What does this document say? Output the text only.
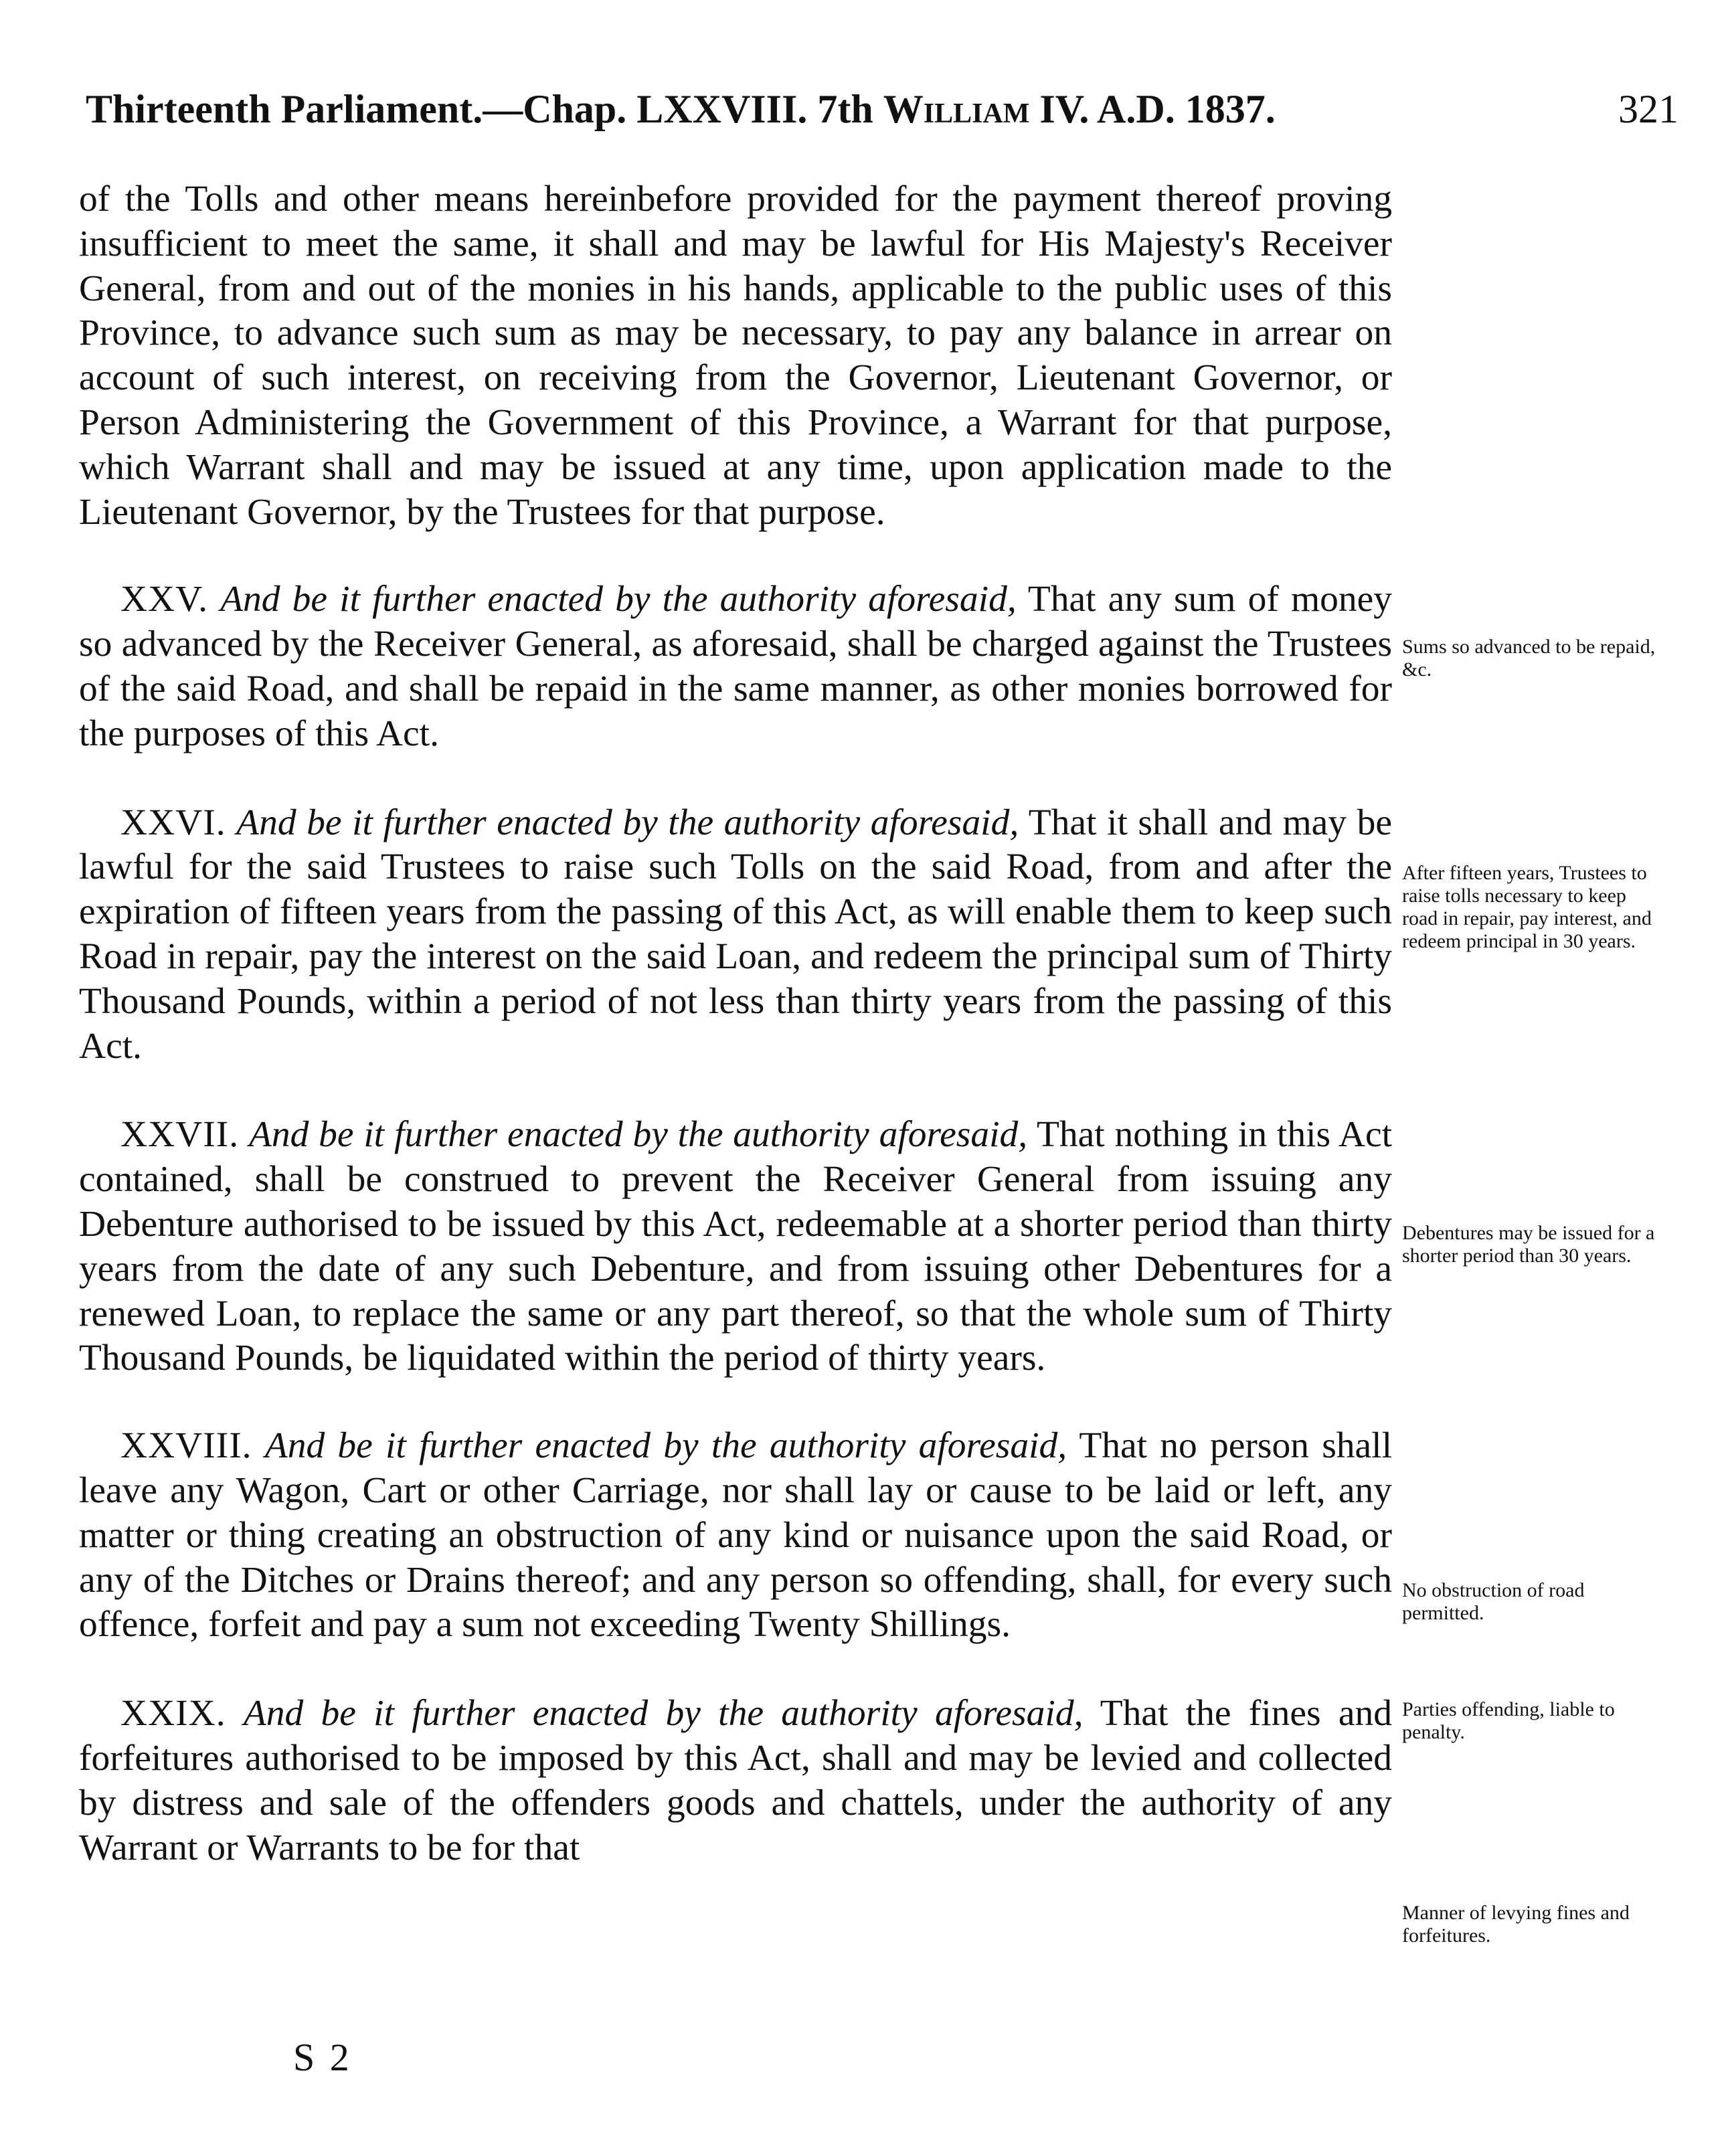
Thirteenth Parliament.—Chap. LXXVIII. 7th William IV. A.D. 1837.	321

of the Tolls and other means hereinbefore provided for the payment thereof proving insufficient to meet the same, it shall and may be lawful for His Majesty's Receiver General, from and out of the monies in his hands, applicable to the public uses of this Province, to advance such sum as may be necessary, to pay any balance in arrear on account of such interest, on receiving from the Governor, Lieutenant Governor, or Person Administering the Government of this Province, a Warrant for that purpose, which Warrant shall and may be issued at any time, upon application made to the Lieutenant Governor, by the Trustees for that purpose.

XXV. And be it further enacted by the authority aforesaid, That any sum of money so advanced by the Receiver General, as aforesaid, shall be charged against the Trustees of the said Road, and shall be repaid in the same manner, as other monies borrowed for the purposes of this Act.

XXVI. And be it further enacted by the authority aforesaid, That it shall and may be lawful for the said Trustees to raise such Tolls on the said Road, from and after the expiration of fifteen years from the passing of this Act, as will enable them to keep such Road in repair, pay the interest on the said Loan, and redeem the principal sum of Thirty Thousand Pounds, within a period of not less than thirty years from the passing of this Act.

XXVII. And be it further enacted by the authority aforesaid, That nothing in this Act contained, shall be construed to prevent the Receiver General from issuing any Debenture authorised to be issued by this Act, redeemable at a shorter period than thirty years from the date of any such Debenture, and from issuing other Debentures for a renewed Loan, to replace the same or any part thereof, so that the whole sum of Thirty Thousand Pounds, be liquidated within the period of thirty years.

XXVIII. And be it further enacted by the authority aforesaid, That no person shall leave any Wagon, Cart or other Carriage, nor shall lay or cause to be laid or left, any matter or thing creating an obstruction of any kind or nuisance upon the said Road, or any of the Ditches or Drains thereof; and any person so offending, shall, for every such offence, forfeit and pay a sum not exceeding Twenty Shillings.

XXIX. And be it further enacted by the authority aforesaid, That the fines and forfeitures authorised to be imposed by this Act, shall and may be levied and collected by distress and sale of the offenders goods and chattels, under the authority of any Warrant or Warrants to be for that

Sums so advanced to be repaid, &c.
After fifteen years, Trustees to raise tolls necessary to keep road in repair, pay interest, and redeem principal in 30 years.
Debentures may be issued for a shorter period than 30 years.
No obstruction of road permitted.
Parties offending, liable to penalty.
Manner of levying fines and forfeitures.
S 2
